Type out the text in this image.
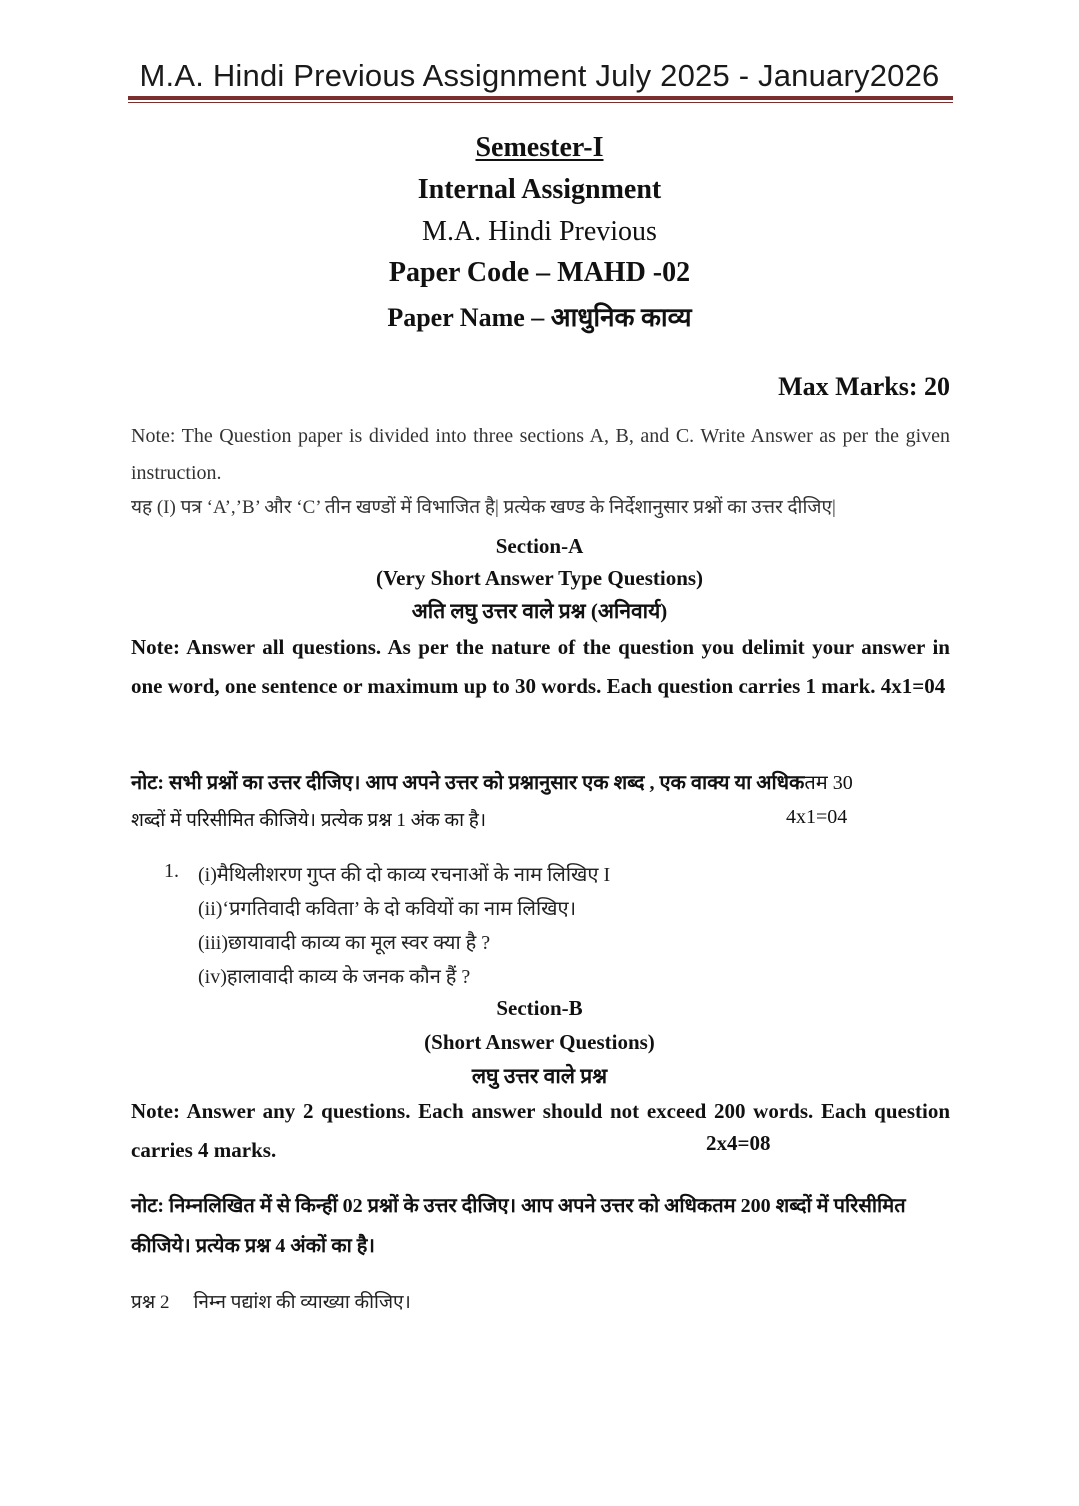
M.A. Hindi Previous Assignment July 2025 - January2026
Semester-I
Internal Assignment
M.A. Hindi Previous
Paper Code – MAHD -02
Paper Name – आधुनिक काव्य
Max Marks: 20
Note: The Question paper is divided into three sections A, B, and C. Write Answer as per the given instruction.
यह (I) पत्र ‘A’,’B’ और ‘C’ तीन खण्डों में विभाजित है| प्रत्येक खण्ड के निर्देशानुसार प्रश्नों का उत्तर दीजिए|
Section-A
(Very Short Answer Type Questions)
अति लघु उत्तर वाले प्रश्न (अनिवार्य)
Note: Answer all questions. As per the nature of the question you delimit your answer in one word, one sentence or maximum up to 30 words. Each question carries 1 mark. 4x1=04
नोट: सभी प्रश्नों का उत्तर दीजिए। आप अपने उत्तर को प्रश्नानुसार एक शब्द , एक वाक्य या अधिकतम 30
शब्दों में परिसीमित कीजिये। प्रत्येक प्रश्न 1 अंक का है।	4x1=04
1. (i)मैथिलीशरण गुप्त की दो काव्य रचनाओं के नाम लिखिए I
(ii)‘प्रगतिवादी कविता’ के दो कवियों का नाम लिखिए।
(iii)छायावादी काव्य का मूल स्वर क्या है ?
(iv)हालावादी काव्य के जनक कौन हैं ?
Section-B
(Short Answer Questions)
लघु उत्तर वाले प्रश्न
Note: Answer any 2 questions. Each answer should not exceed 200 words. Each question carries 4 marks.	2x4=08
नोट: निम्नलिखित में से किन्हीं 02 प्रश्नों के उत्तर दीजिए। आप अपने उत्तर को अधिकतम 200 शब्दों में परिसीमित कीजिये। प्रत्येक प्रश्न 4 अंकों का है।
प्रश्न 2 निम्न पद्यांश की व्याख्या कीजिए।
